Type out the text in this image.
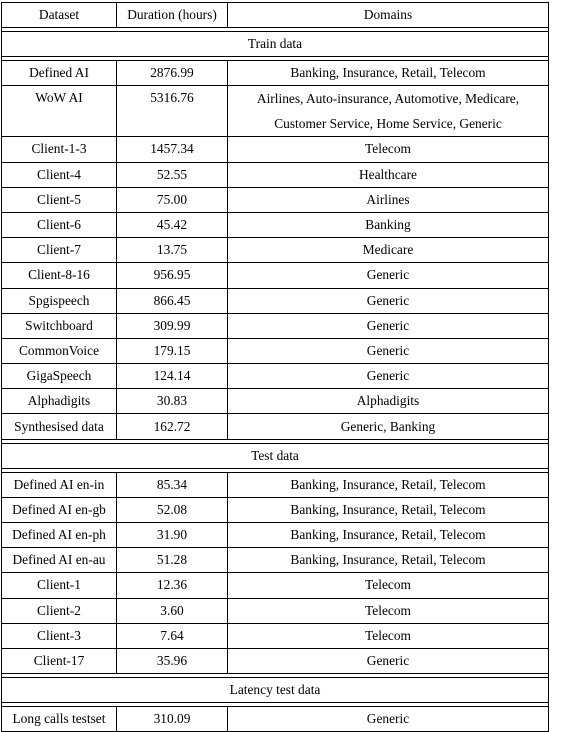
Dataset	Duration (hours)	Domains

Train data		

Defined AI	2876.99	Banking, Insurance, Retail, Telecom
WoW AI	5316.76	Airlines, Auto-insurance, Automotive, Medicare, Customer Service, Home Service, Generic
Client-1-3	1457.34	Telecom
Client-4	52.55	Healthcare
Client-5	75.00	Airlines
Client-6	45.42	Banking
Client-7	13.75	Medicare
Client-8-16	956.95	Generic
Spgispeech	866.45	Generic
Switchboard	309.99	Generic
CommonVoice	179.15	Generic
GigaSpeech	124.14	Generic
Alphadigits	30.83	Alphadigits
Synthesised data	162.72	Generic, Banking

Test data		

Defined AI en-in	85.34	Banking, Insurance, Retail, Telecom
Defined AI en-gb	52.08	Banking, Insurance, Retail, Telecom
Defined AI en-ph	31.90	Banking, Insurance, Retail, Telecom
Defined AI en-au	51.28	Banking, Insurance, Retail, Telecom
Client-1	12.36	Telecom
Client-2	3.60	Telecom
Client-3	7.64	Telecom
Client-17	35.96	Generic

Latency test data		

Long calls testset	310.09	Generic
